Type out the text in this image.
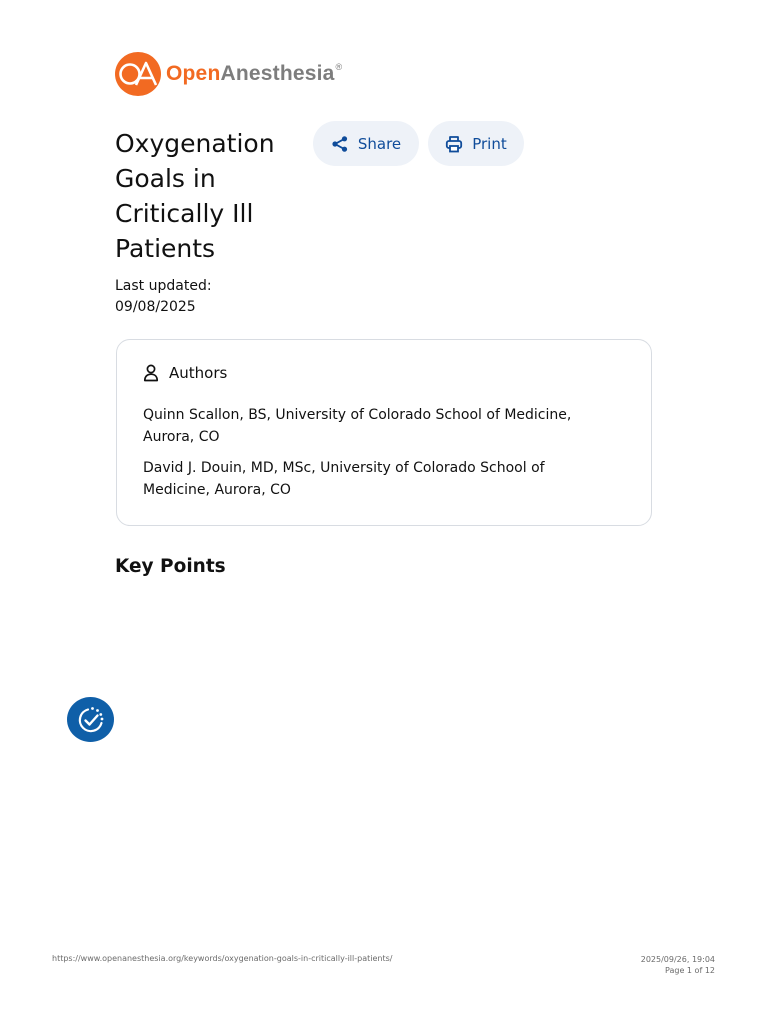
OpenAnesthesia®
Oxygenation Goals in Critically Ill Patients
Share	Print
Last updated:
09/08/2025
Authors
Quinn Scallon, BS, University of Colorado School of Medicine, Aurora, CO
David J. Douin, MD, MSc, University of Colorado School of Medicine, Aurora, CO
Key Points
https://www.openanesthesia.org/keywords/oxygenation-goals-in-critically-ill-patients/	2025/09/26, 19:04
Page 1 of 12
